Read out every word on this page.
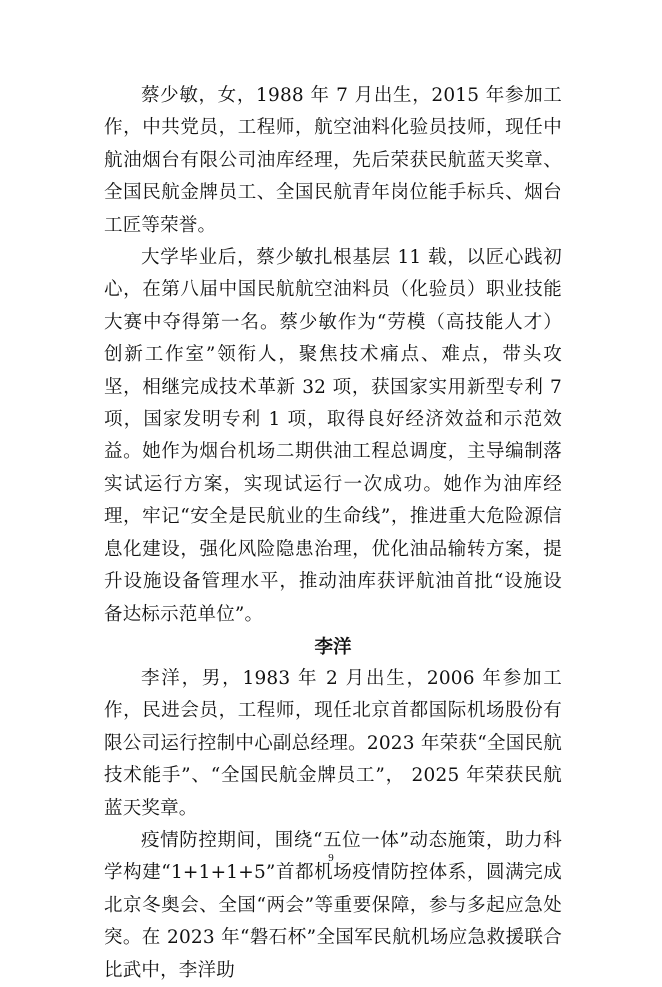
蔡少敏，女，1988 年 7 月出生，2015 年参加工作，中共党员，工程师，航空油料化验员技师，现任中航油烟台有限公司油库经理，先后荣获民航蓝天奖章、全国民航金牌员工、全国民航青年岗位能手标兵、烟台工匠等荣誉。

大学毕业后，蔡少敏扎根基层 11 载，以匠心践初心，在第八届中国民航航空油料员（化验员）职业技能大赛中夺得第一名。蔡少敏作为“劳模（高技能人才）创新工作室”领衔人，聚焦技术痛点、难点，带头攻坚，相继完成技术革新 32 项，获国家实用新型专利 7 项，国家发明专利 1 项，取得良好经济效益和示范效益。她作为烟台机场二期供油工程总调度，主导编制落实试运行方案，实现试运行一次成功。她作为油库经理，牢记“安全是民航业的生命线”，推进重大危险源信息化建设，强化风险隐患治理，优化油品输转方案，提升设施设备管理水平，推动油库获评航油首批“设施设备达标示范单位”。

李洋

李洋，男，1983 年 2 月出生，2006 年参加工作，民进会员，工程师，现任北京首都国际机场股份有限公司运行控制中心副总经理。2023 年荣获“全国民航技术能手”、“全国民航金牌员工”， 2025 年荣获民航蓝天奖章。

疫情防控期间，围绕“五位一体”动态施策，助力科学构建“1+1+1+5”首都机场疫情防控体系，圆满完成北京冬奥会、全国“两会”等重要保障，参与多起应急处突。在 2023 年“磐石杯”全国军民航机场应急救援联合比武中，李洋助

9
